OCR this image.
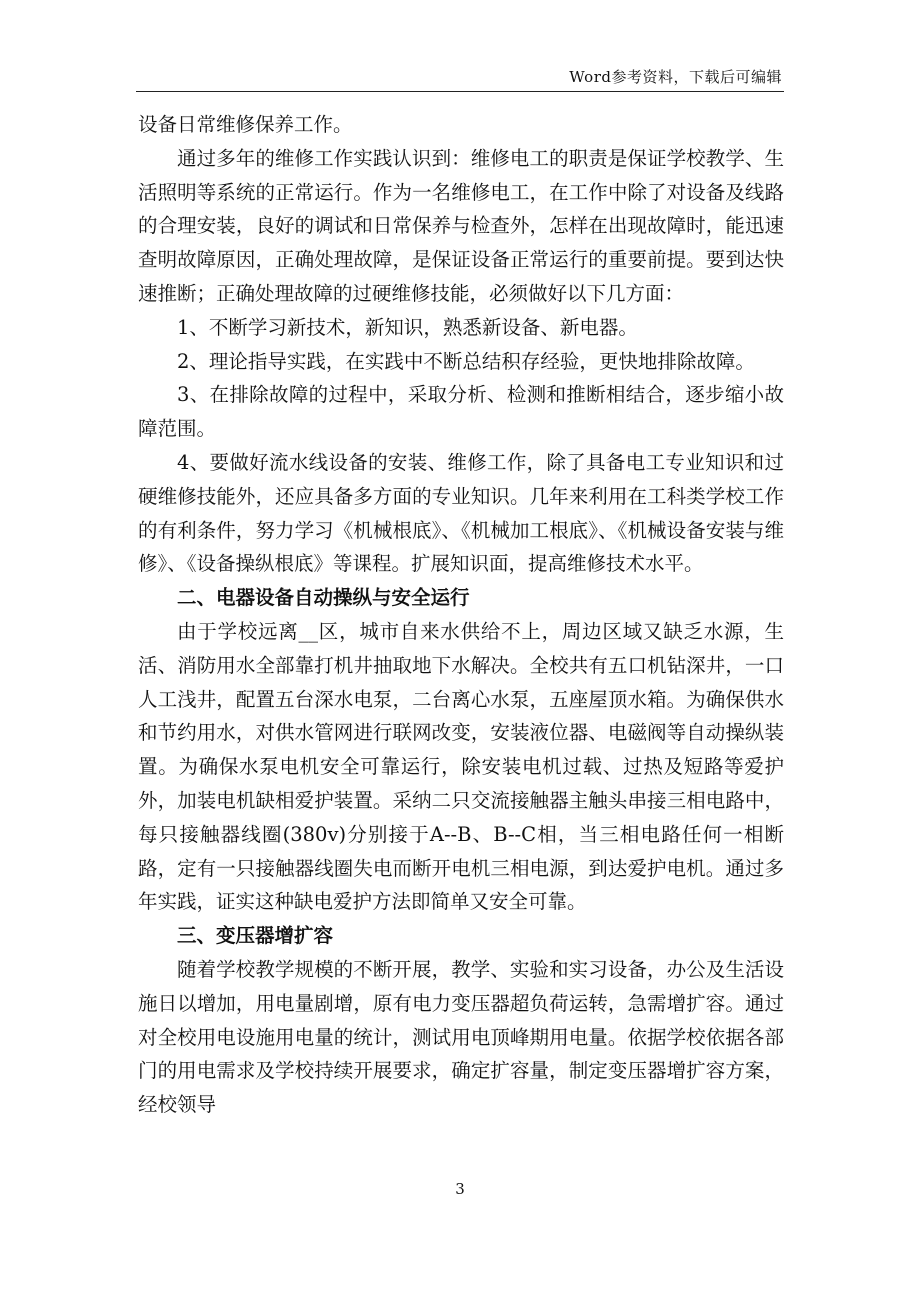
Word参考资料，下载后可编辑

设备日常维修保养工作。

通过多年的维修工作实践认识到：维修电工的职责是保证学校教学、生活照明等系统的正常运行。作为一名维修电工，在工作中除了对设备及线路的合理安装，良好的调试和日常保养与检查外，怎样在出现故障时，能迅速查明故障原因，正确处理故障，是保证设备正常运行的重要前提。要到达快速推断；正确处理故障的过硬维修技能，必须做好以下几方面：

1、不断学习新技术，新知识，熟悉新设备、新电器。

2、理论指导实践，在实践中不断总结积存经验，更快地排除故障。

3、在排除故障的过程中，采取分析、检测和推断相结合，逐步缩小故障范围。

4、要做好流水线设备的安装、维修工作，除了具备电工专业知识和过硬维修技能外，还应具备多方面的专业知识。几年来利用在工科类学校工作的有利条件，努力学习《机械根底》、《机械加工根底》、《机械设备安装与维修》、《设备操纵根底》等课程。扩展知识面，提高维修技术水平。

二、电器设备自动操纵与安全运行

由于学校远离__区，城市自来水供给不上，周边区域又缺乏水源，生活、消防用水全部靠打机井抽取地下水解决。全校共有五口机钻深井，一口人工浅井，配置五台深水电泵，二台离心水泵，五座屋顶水箱。为确保供水和节约用水，对供水管网进行联网改变，安装液位器、电磁阀等自动操纵装置。为确保水泵电机安全可靠运行，除安装电机过载、过热及短路等爱护外，加装电机缺相爱护装置。采纳二只交流接触器主触头串接三相电路中，每只接触器线圈(380v)分别接于A--B、B--C相，当三相电路任何一相断路，定有一只接触器线圈失电而断开电机三相电源，到达爱护电机。通过多年实践，证实这种缺电爱护方法即简单又安全可靠。

三、变压器增扩容

随着学校教学规模的不断开展，教学、实验和实习设备，办公及生活设施日以增加，用电量剧增，原有电力变压器超负荷运转，急需增扩容。通过对全校用电设施用电量的统计，测试用电顶峰期用电量。依据学校依据各部门的用电需求及学校持续开展要求，确定扩容量，制定变压器增扩容方案，经校领导

3
